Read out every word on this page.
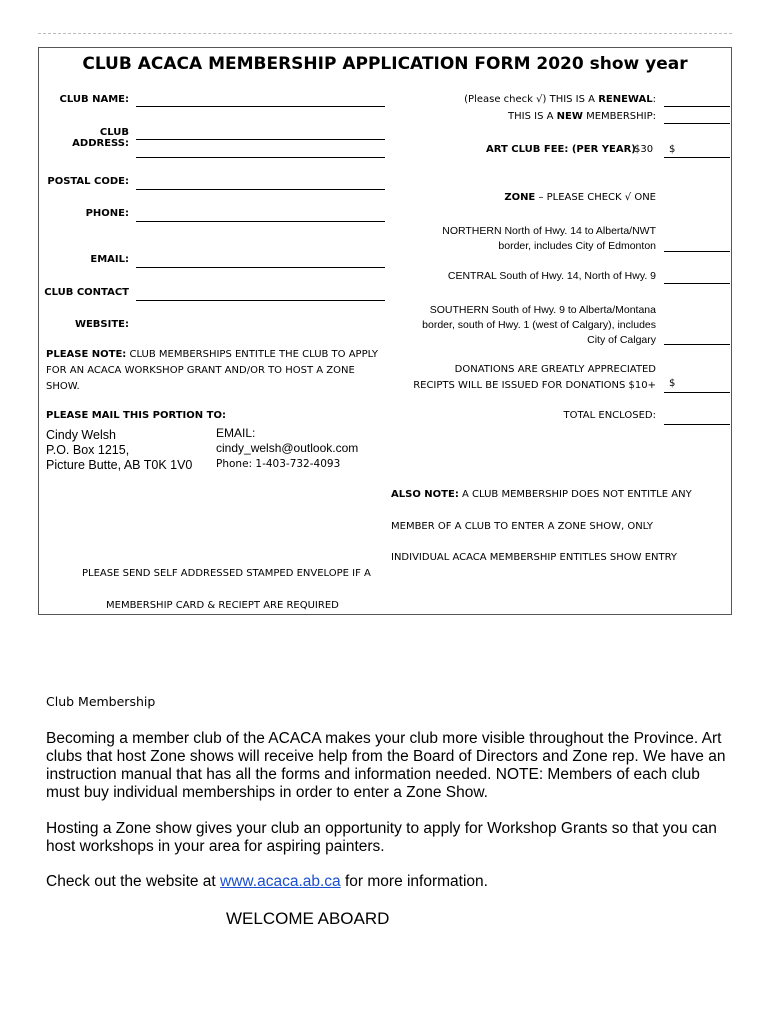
CLUB ACACA MEMBERSHIP APPLICATION FORM 2020 show year
CLUB NAME:
CLUB ADDRESS:
POSTAL CODE:
PHONE:
EMAIL:
CLUB CONTACT
WEBSITE:
PLEASE NOTE: CLUB MEMBERSHIPS ENTITLE THE CLUB TO APPLY
FOR AN ACACA WORKSHOP GRANT AND/OR TO HOST A ZONE
SHOW.
PLEASE MAIL THIS PORTION TO:
Cindy Welsh
P.O. Box 1215,
Picture Butte, AB T0K 1V0
EMAIL:
cindy_welsh@outlook.com
Phone: 1-403-732-4093
PLEASE SEND SELF ADDRESSED STAMPED ENVELOPE IF A
MEMBERSHIP CARD & RECIEPT ARE REQUIRED
(Please check √) THIS IS A RENEWAL:
THIS IS A NEW MEMBERSHIP:
ART CLUB FEE: (PER YEAR)
$30 $
ZONE – PLEASE CHECK √ ONE
NORTHERN North of Hwy. 14 to Alberta/NWT
border, includes City of Edmonton
CENTRAL South of Hwy. 14, North of Hwy. 9
SOUTHERN South of Hwy. 9 to Alberta/Montana
border, south of Hwy. 1 (west of Calgary), includes
City of Calgary
DONATIONS ARE GREATLY APPRECIATED
RECIPTS WILL BE ISSUED FOR DONATIONS $10+ $
TOTAL ENCLOSED:
ALSO NOTE: A CLUB MEMBERSHIP DOES NOT ENTITLE ANY
MEMBER OF A CLUB TO ENTER A ZONE SHOW, ONLY
INDIVIDUAL ACACA MEMBERSHIP ENTITLES SHOW ENTRY
Club Membership
Becoming a member club of the ACACA makes your club more visible throughout the Province. Art clubs that host Zone shows will receive help from the Board of Directors and Zone rep. We have an instruction manual that has all the forms and information needed. NOTE: Members of each club must buy individual memberships in order to enter a Zone Show.
Hosting a Zone show gives your club an opportunity to apply for Workshop Grants so that you can host workshops in your area for aspiring painters.
Check out the website at www.acaca.ab.ca for more information.
WELCOME ABOARD
